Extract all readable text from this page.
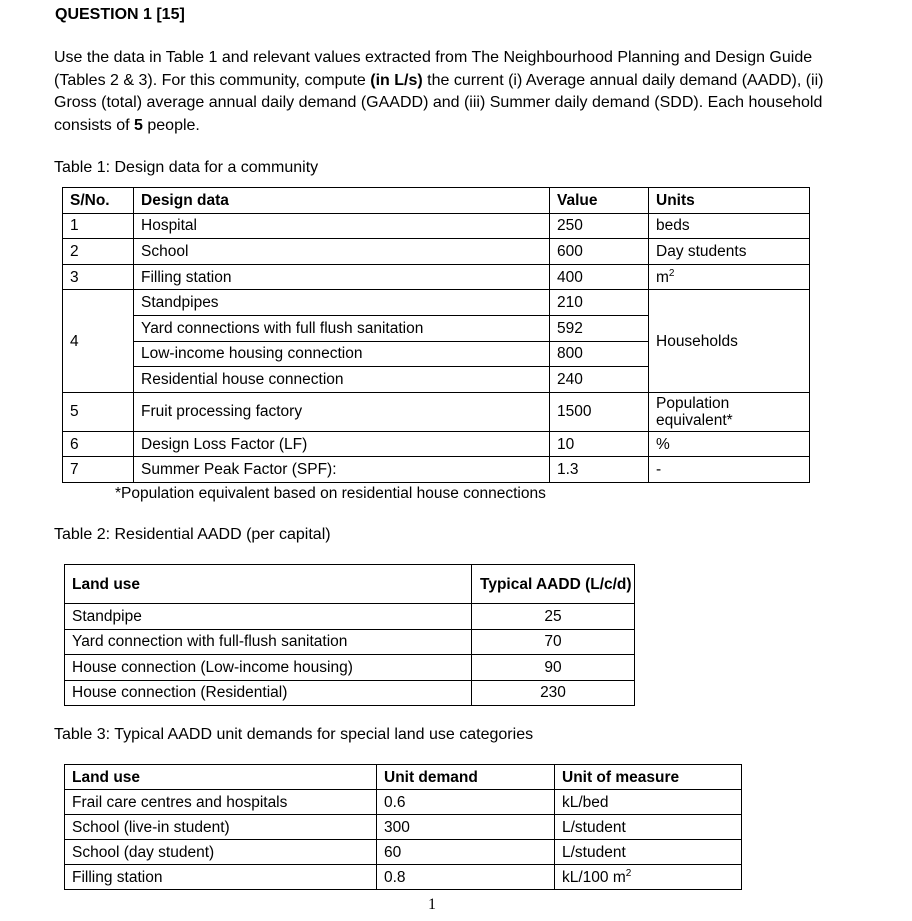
QUESTION 1 [15]
Use the data in Table 1 and relevant values extracted from The Neighbourhood Planning and Design Guide (Tables 2 & 3). For this community, compute (in L/s) the current (i) Average annual daily demand (AADD), (ii) Gross (total) average annual daily demand (GAADD) and (iii) Summer daily demand (SDD). Each household consists of 5 people.
Table 1: Design data for a community
S/No.	Design data	Value	Units
1	Hospital	250	beds
2	School	600	Day students
3	Filling station	400	$m^2$
4	Standpipes	210	Households
	Yard connections with full flush sanitation	592	
	Low-income housing connection	800	
	Residential house connection	240	
5	Fruit processing factory	1500	Population equivalent*
6	Design Loss Factor (LF)	10	%
7	Summer Peak Factor (SPF):	1.3	-
*Population equivalent based on residential house connections
Table 2: Residential AADD (per capital)
Land use	Typical AADD (L/c/d)
Standpipe	25
Yard connection with full-flush sanitation	70
House connection (Low-income housing)	90
House connection (Residential)	230
Table 3: Typical AADD unit demands for special land use categories
Land use	Unit demand	Unit of measure
Frail care centres and hospitals	0.6	kL/bed
School (live-in student)	300	L/student
School (day student)	60	L/student
Filling station	0.8	kL/100 $m^2$
1
